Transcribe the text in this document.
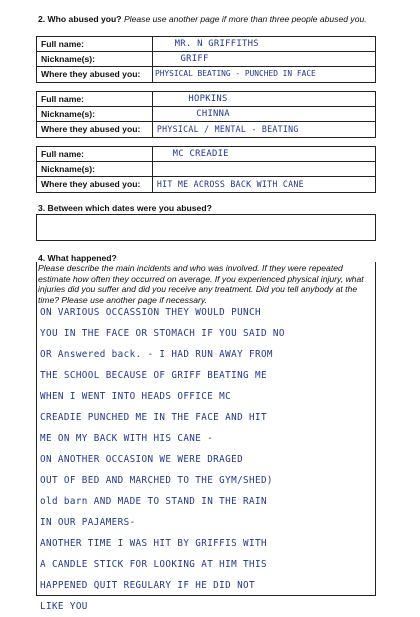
2. Who abused you? Please use another page if more than three people abused you.
Full name:	MR. N GRIFFITHS
Nickname(s):	GRIFF
Where they abused you:	PHYSICAL BEATING - PUNCHED IN FACE
Full name:	HOPKINS
Nickname(s):	CHINNA
Where they abused you:	PHYSICAL / MENTAL - BEATING
Full name:	MC CREADIE
Nickname(s):
Where they abused you:	HIT ME ACROSS BACK WITH CANE
3. Between which dates were you abused?
4. What happened?
Please describe the main incidents and who was involved. If they were repeated estimate how often they occurred on average. If you experienced physical injury, what injuries did you suffer and did you receive any treatment. Did you tell anybody at the time? Please use another page if necessary.
ON VARIOUS OCCASSION THEY WOULD PUNCH
YOU IN THE FACE OR STOMACH IF YOU SAID NO
OR Answered back. - I HAD RUN AWAY FROM
THE SCHOOL BECAUSE OF GRIFF BEATING ME
WHEN I WENT INTO HEADS OFFICE MC
CREADIE PUNCHED ME IN THE FACE AND HIT
ME ON MY BACK WITH HIS CANE -
ON ANOTHER OCCASION WE WERE DRAGED
OUT OF BED AND MARCHED TO THE GYM/SHED)
old barn AND MADE TO STAND IN THE RAIN
IN OUR PAJAMERS-
ANOTHER TIME I WAS HIT BY GRIFFIS WITH
A CANDLE STICK FOR LOOKING AT HIM THIS
HAPPENED QUIT REGULARY IF HE DID NOT
LIKE YOU
